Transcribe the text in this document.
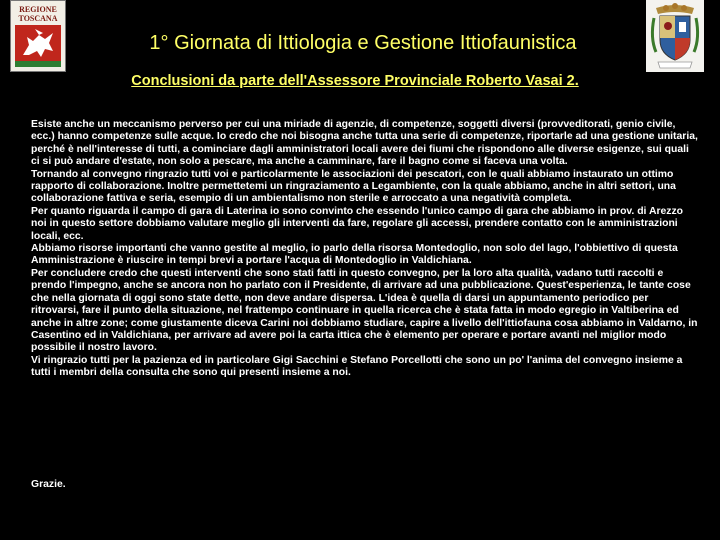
REGIONE
TOSCANA
1° Giornata di Ittiologia e Gestione Ittiofaunistica
Conclusioni da parte dell'Assessore Provinciale Roberto Vasai 2.

Esiste anche un meccanismo perverso per cui una miriade di agenzie, di competenze, soggetti diversi (provveditorati, genio civile, ecc.) hanno competenze sulle acque. Io credo che noi bisogna anche tutta una serie di competenze, riportarle ad una gestione unitaria, perché è nell'interesse di tutti, a cominciare dagli amministratori locali avere dei fiumi che rispondono alle diverse esigenze, sui quali ci si può andare d'estate, non solo a pescare, ma anche a camminare, fare il bagno come si faceva una volta.

Tornando al convegno ringrazio tutti voi e particolarmente le associazioni dei pescatori, con le quali abbiamo instaurato un ottimo rapporto di collaborazione. Inoltre permettetemi un ringraziamento a Legambiente, con la quale abbiamo, anche in altri settori, una collaborazione fattiva e seria, esempio di un ambientalismo non sterile e arroccato a una negatività completa.

Per quanto riguarda il campo di gara di Laterina io sono convinto che essendo l'unico campo di gara che abbiamo in prov. di Arezzo noi in questo settore dobbiamo valutare meglio gli interventi da fare, regolare gli accessi, prendere contatto con le amministrazioni locali, ecc.

Abbiamo risorse importanti che vanno gestite al meglio, io parlo della risorsa Montedoglio, non solo del lago, l'obbiettivo di questa Amministrazione è riuscire in tempi brevi a portare l'acqua di Montedoglio in Valdichiana.

Per concludere credo che questi interventi che sono stati fatti in questo convegno, per la loro alta qualità, vadano tutti raccolti e prendo l'impegno, anche se ancora non ho parlato con il Presidente, di arrivare ad una pubblicazione. Quest'esperienza, le tante cose che nella giornata di oggi sono state dette, non deve andare dispersa. L'idea è quella di darsi un appuntamento periodico per ritrovarsi, fare il punto della situazione, nel frattempo continuare in quella ricerca che è stata fatta in modo egregio in Valtiberina ed anche in altre zone; come giustamente diceva Carini noi dobbiamo studiare, capire a livello dell'ittiofauna cosa abbiamo in Valdarno, in Casentino ed in Valdichiana, per arrivare ad avere poi la carta ittica che è elemento per operare e portare avanti nel miglior modo possibile il nostro lavoro.

Vi ringrazio tutti per la pazienza ed in particolare Gigi Sacchini e Stefano Porcellotti che sono un po' l'anima del convegno insieme a tutti i membri della consulta che sono qui presenti insieme a noi.

Grazie.
